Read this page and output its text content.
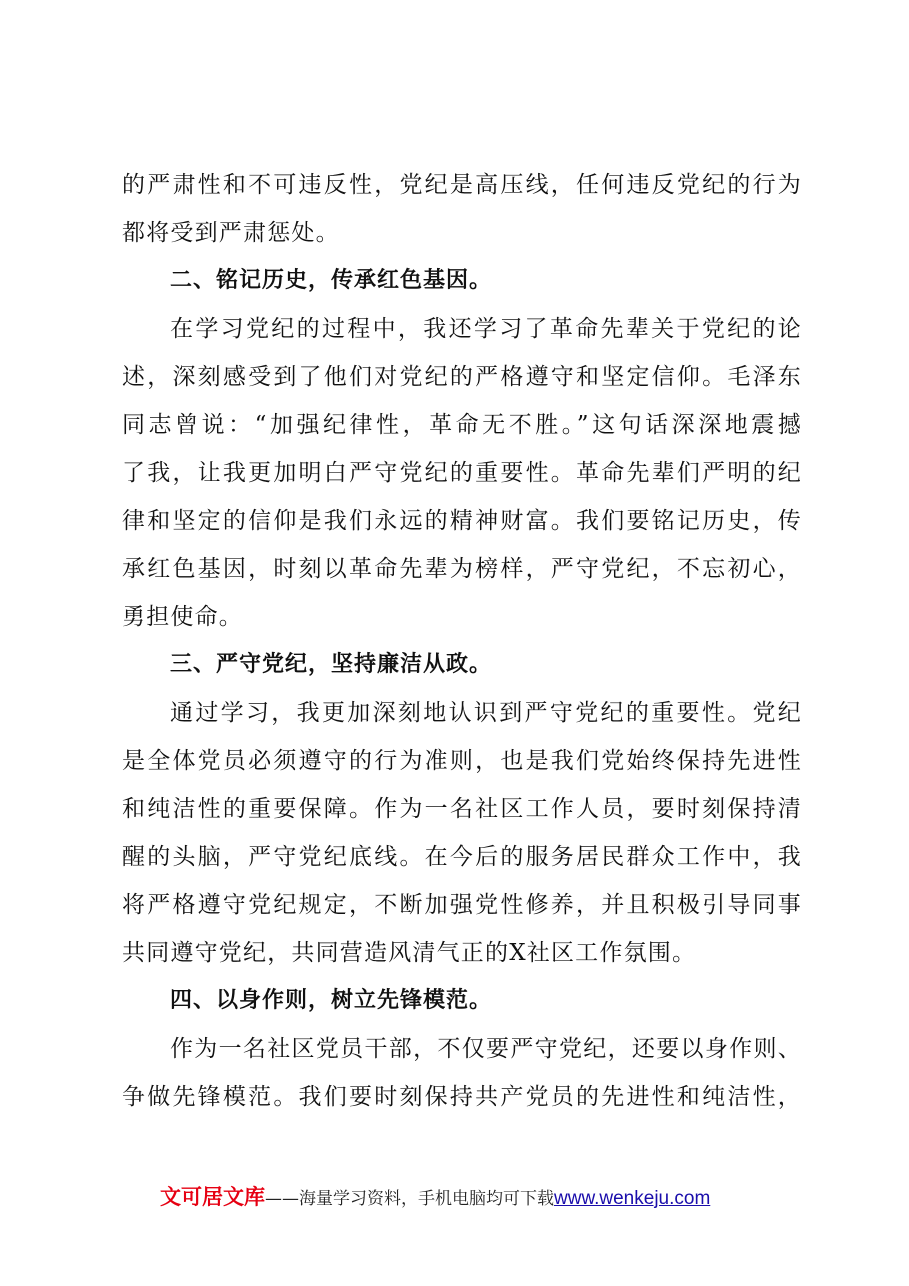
的严肃性和不可违反性，党纪是高压线，任何违反党纪的行为
都将受到严肃惩处。
二、铭记历史，传承红色基因。
在学习党纪的过程中，我还学习了革命先辈关于党纪的论
述，深刻感受到了他们对党纪的严格遵守和坚定信仰。毛泽东
同志曾说：“加强纪律性，革命无不胜。”这句话深深地震撼
了我，让我更加明白严守党纪的重要性。革命先辈们严明的纪
律和坚定的信仰是我们永远的精神财富。我们要铭记历史，传
承红色基因，时刻以革命先辈为榜样，严守党纪，不忘初心，
勇担使命。
三、严守党纪，坚持廉洁从政。
通过学习，我更加深刻地认识到严守党纪的重要性。党纪
是全体党员必须遵守的行为准则，也是我们党始终保持先进性
和纯洁性的重要保障。作为一名社区工作人员，要时刻保持清
醒的头脑，严守党纪底线。在今后的服务居民群众工作中，我
将严格遵守党纪规定，不断加强党性修养，并且积极引导同事
共同遵守党纪，共同营造风清气正的X社区工作氛围。
四、以身作则，树立先锋模范。
作为一名社区党员干部，不仅要严守党纪，还要以身作则、
争做先锋模范。我们要时刻保持共产党员的先进性和纯洁性，
文可居文库——海量学习资料，手机电脑均可下载www.wenkeju.com
